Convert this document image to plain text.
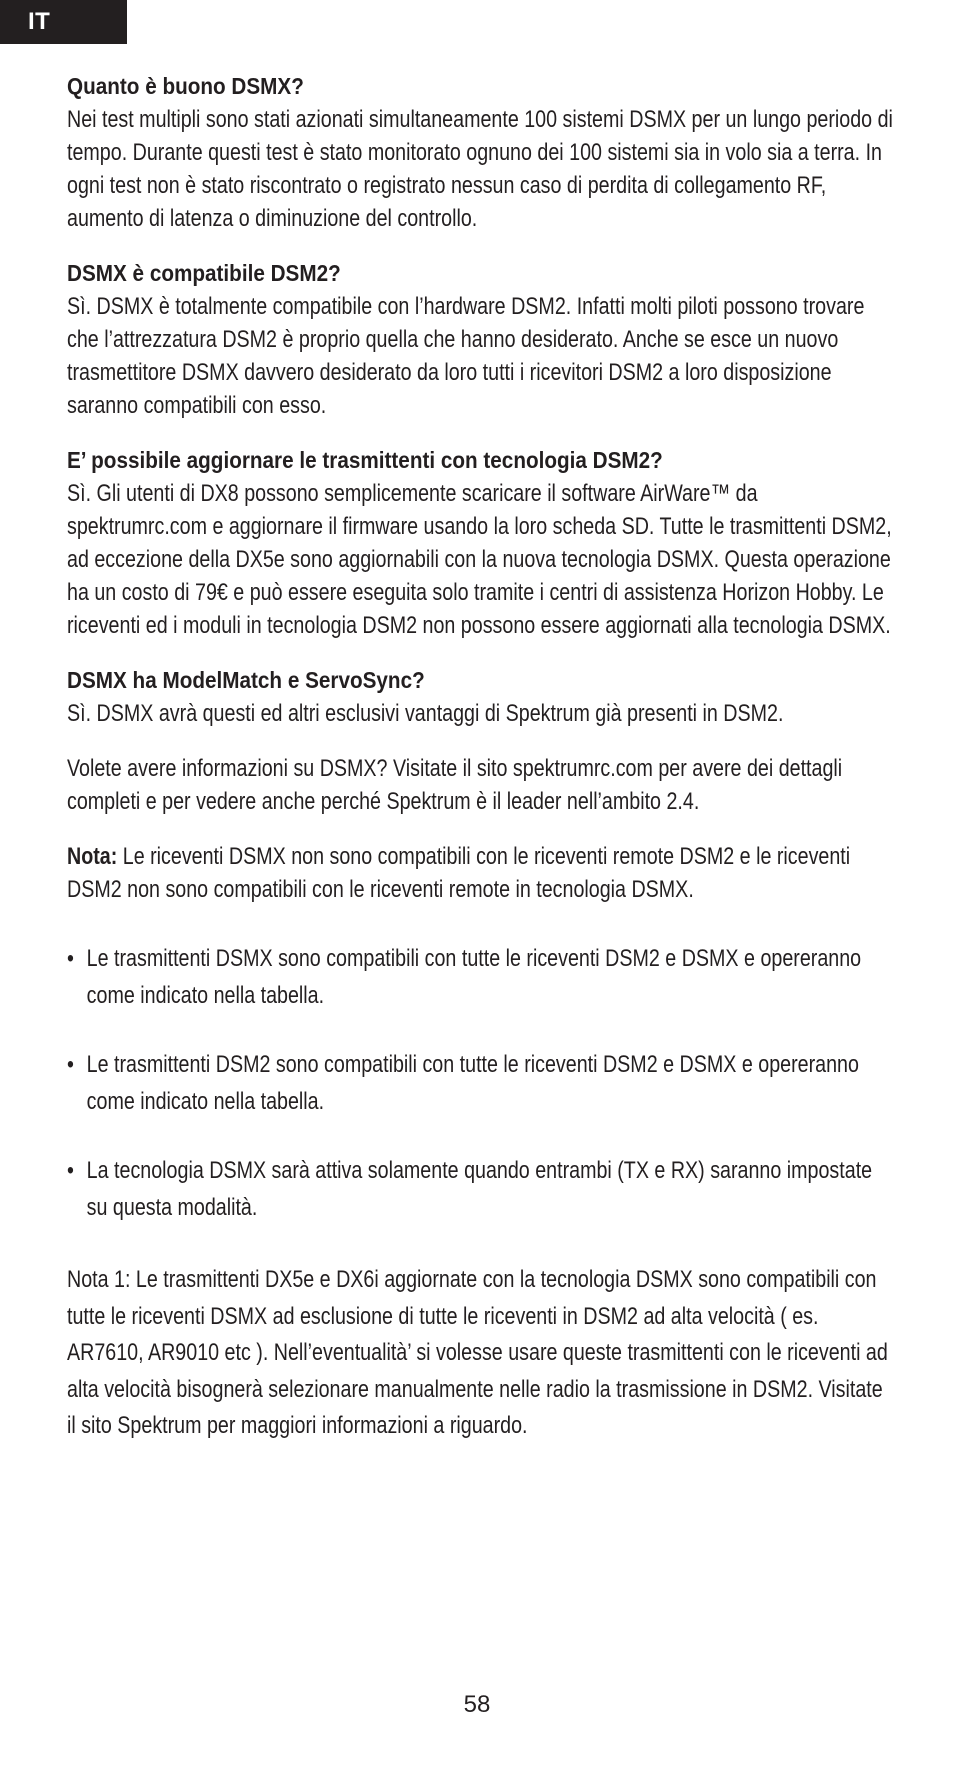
IT
Quanto è buono DSMX?

Nei test multipli sono stati azionati simultaneamente 100 sistemi DSMX per un lungo periodo di tempo. Durante questi test è stato monitorato ognuno dei 100 sistemi sia in volo sia a terra. In ogni test non è stato riscontrato o registrato nessun caso di perdita di collegamento RF, aumento di latenza o diminuzione del controllo.

DSMX è compatibile DSM2?

Sì. DSMX è totalmente compatibile con l’hardware DSM2. Infatti molti piloti possono trovare che l’attrezzatura DSM2 è proprio quella che hanno desiderato. Anche se esce un nuovo trasmettitore DSMX davvero desiderato da loro tutti i ricevitori DSM2 a loro disposizione saranno compatibili con esso.

E’ possibile aggiornare le trasmittenti con tecnologia DSM2?

Sì. Gli utenti di DX8 possono semplicemente scaricare il software AirWare™ da spektrumrc.com e aggiornare il firmware usando la loro scheda SD. Tutte le trasmittenti DSM2, ad eccezione della DX5e sono aggiornabili con la nuova tecnologia DSMX. Questa operazione ha un costo di 79€ e può essere eseguita solo tramite i centri di assistenza Horizon Hobby. Le riceventi ed i moduli in tecnologia DSM2 non possono essere aggiornati alla tecnologia DSMX.

DSMX ha ModelMatch e ServoSync?

Sì. DSMX avrà questi ed altri esclusivi vantaggi di Spektrum già presenti in DSM2.

Volete avere informazioni su DSMX? Visitate il sito spektrumrc.com per avere dei dettagli completi e per vedere anche perché Spektrum è il leader nell’ambito 2.4.

Nota: Le riceventi DSMX non sono compatibili con le riceventi remote DSM2 e le riceventi DSM2 non sono compatibili con le riceventi remote in tecnologia DSMX.

• Le trasmittenti DSMX sono compatibili con tutte le riceventi DSM2 e DSMX e opereranno come indicato nella tabella.
• Le trasmittenti DSM2 sono compatibili con tutte le riceventi DSM2 e DSMX e opereranno come indicato nella tabella.
• La tecnologia DSMX sarà attiva solamente quando entrambi (TX e RX) saranno impostate su questa modalità.

Nota 1: Le trasmittenti DX5e e DX6i aggiornate con la tecnologia DSMX sono compatibili con tutte le riceventi DSMX ad esclusione di tutte le riceventi in DSM2 ad alta velocità ( es. AR7610, AR9010 etc ). Nell’eventualità’ si volesse usare queste trasmittenti con le riceventi ad alta velocità bisognerà selezionare manualmente nelle radio la trasmissione in DSM2. Visitate il sito Spektrum per maggiori informazioni a riguardo.

58
